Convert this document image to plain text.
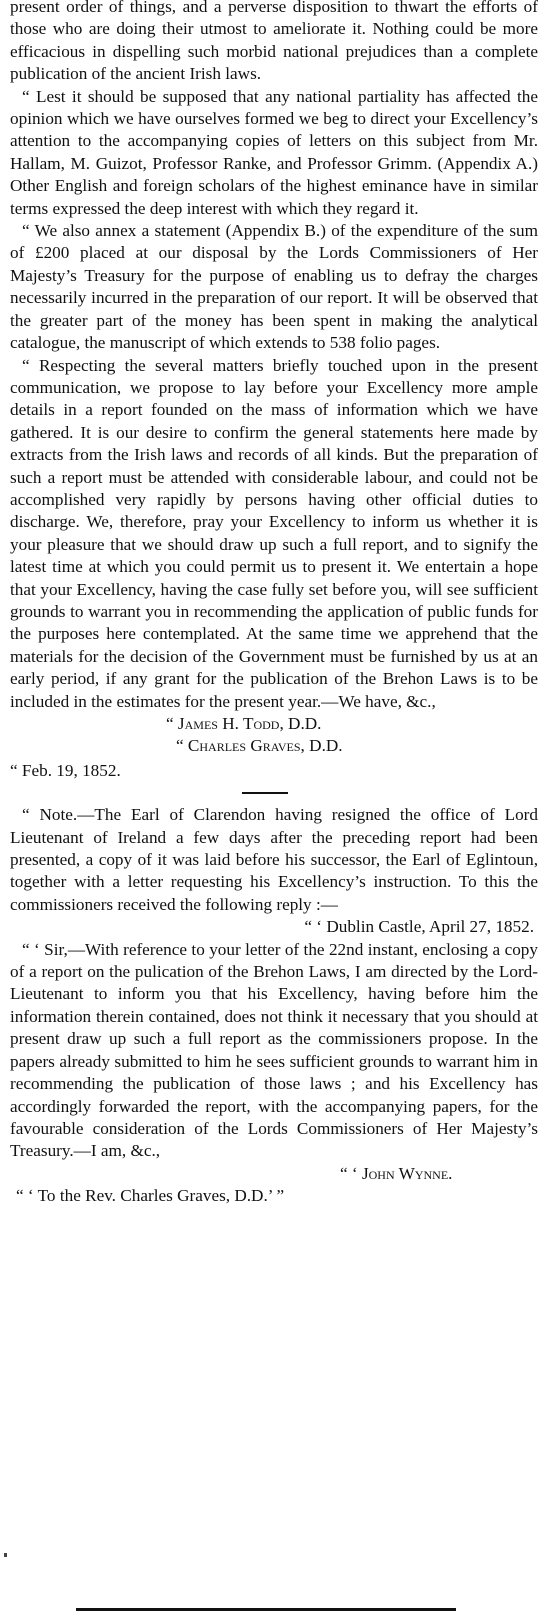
present order of things, and a perverse disposition to thwart the efforts of those who are doing their utmost to ameliorate it. Nothing could be more efficacious in dispelling such morbid national prejudices than a complete publication of the ancient Irish laws.

“ Lest it should be supposed that any national partiality has affected the opinion which we have ourselves formed we beg to direct your Excellency’s attention to the accompanying copies of letters on this subject from Mr. Hallam, M. Guizot, Professor Ranke, and Professor Grimm. (Appendix A.) Other English and foreign scholars of the highest eminance have in similar terms expressed the deep interest with which they regard it.

“ We also annex a statement (Appendix B.) of the expenditure of the sum of £200 placed at our disposal by the Lords Commissioners of Her Majesty’s Treasury for the purpose of enabling us to defray the charges necessarily incurred in the preparation of our report. It will be observed that the greater part of the money has been spent in making the analytical catalogue, the manuscript of which extends to 538 folio pages.

“ Respecting the several matters briefly touched upon in the present communication, we propose to lay before your Excellency more ample details in a report founded on the mass of information which we have gathered. It is our desire to confirm the general statements here made by extracts from the Irish laws and records of all kinds. But the preparation of such a report must be attended with considerable labour, and could not be accomplished very rapidly by persons having other official duties to discharge. We, therefore, pray your Excellency to inform us whether it is your pleasure that we should draw up such a full report, and to signify the latest time at which you could permit us to present it. We entertain a hope that your Excellency, having the case fully set before you, will see sufficient grounds to warrant you in recommending the application of public funds for the purposes here contemplated. At the same time we apprehend that the materials for the decision of the Government must be furnished by us at an early period, if any grant for the publication of the Brehon Laws is to be included in the estimates for the present year.—We have, &c.,

“ James H. Todd, D.D.

“ Charles Graves, D.D.

“ Feb. 19, 1852.

“ Note.—The Earl of Clarendon having resigned the office of Lord Lieutenant of Ireland a few days after the preceding report had been presented, a copy of it was laid before his successor, the Earl of Eglintoun, together with a letter requesting his Excellency’s instruction. To this the commissioners received the following reply :—

“ ‘ Dublin Castle, April 27, 1852.

“ ‘ Sir,—With reference to your letter of the 22nd instant, enclosing a copy of a report on the pulication of the Brehon Laws, I am directed by the Lord-Lieutenant to inform you that his Excellency, having before him the information therein contained, does not think it necessary that you should at present draw up such a full report as the commissioners propose. In the papers already submitted to him he sees sufficient grounds to warrant him in recommending the publication of those laws ; and his Excellency has accordingly forwarded the report, with the accompanying papers, for the favourable consideration of the Lords Commissioners of Her Majesty’s Treasury.—I am, &c.,

“ ‘ John Wynne.

“ ‘ To the Rev. Charles Graves, D.D.’ ”
